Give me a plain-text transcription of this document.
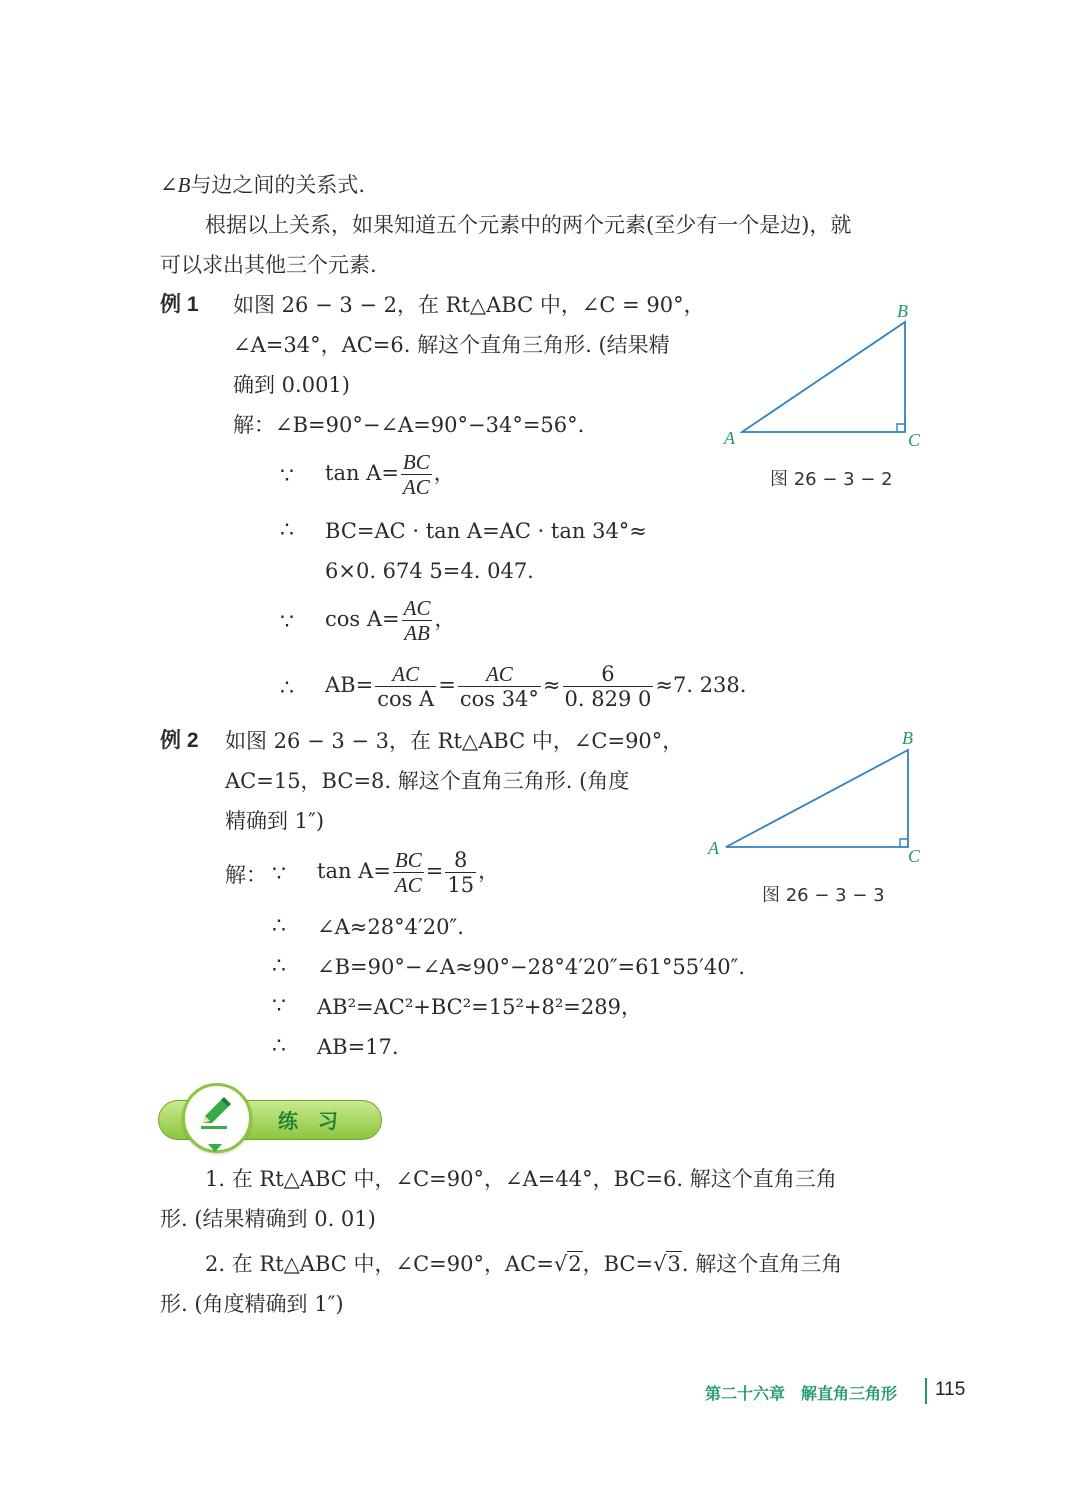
∠B与边之间的关系式.
根据以上关系，如果知道五个元素中的两个元素(至少有一个是边)，就
可以求出其他三个元素.
例 1 如图 26 − 3 − 2，在 Rt△ABC 中，∠C = 90°，
∠A=34°，AC=6. 解这个直角三角形. (结果精
确到 0.001)
解：∠B=90°−∠A=90°−34°=56°.
∵ $\tan A= \frac{BC}{AC}$ ，
∴ BC=AC · tan A=AC · tan 34°≈
6×0. 674 5=4. 047.
∵ $\cos A= \frac{AC}{AB}$ ，
∴ $AB= \frac{AC}{\text{cos A}} = \frac{AC}{\cos 34^\circ} \approx \frac{6}{0. 829 0} \approx 7$. 238.
A
B
C
图 26 − 3 − 2
例 2 如图 26 − 3 − 3，在 Rt△ABC 中，∠C=90°，
AC=15，BC=8. 解这个直角三角形. (角度
精确到 1″)
解： ∵ $\tan A= \frac{BC}{AC} = \frac{8}{15}$ ，
∴ ∠A≈28°4′20″.
∴ ∠B=90°−∠A≈90°−28°4′20″=61°55′40″.
∵ AB²=AC²+BC²=15²+8²=289，
∴ AB=17.
A
B
C
图 26 − 3 − 3
练　习
1. 在 Rt△ABC 中，∠C=90°，∠A=44°，BC=6. 解这个直角三角
形. (结果精确到 0. 01)
2. 在 Rt△ABC 中，∠C=90°，AC=√2，BC=√3. 解这个直角三角
形. (角度精确到 1″)
第二十六章　解直角三角形 115
